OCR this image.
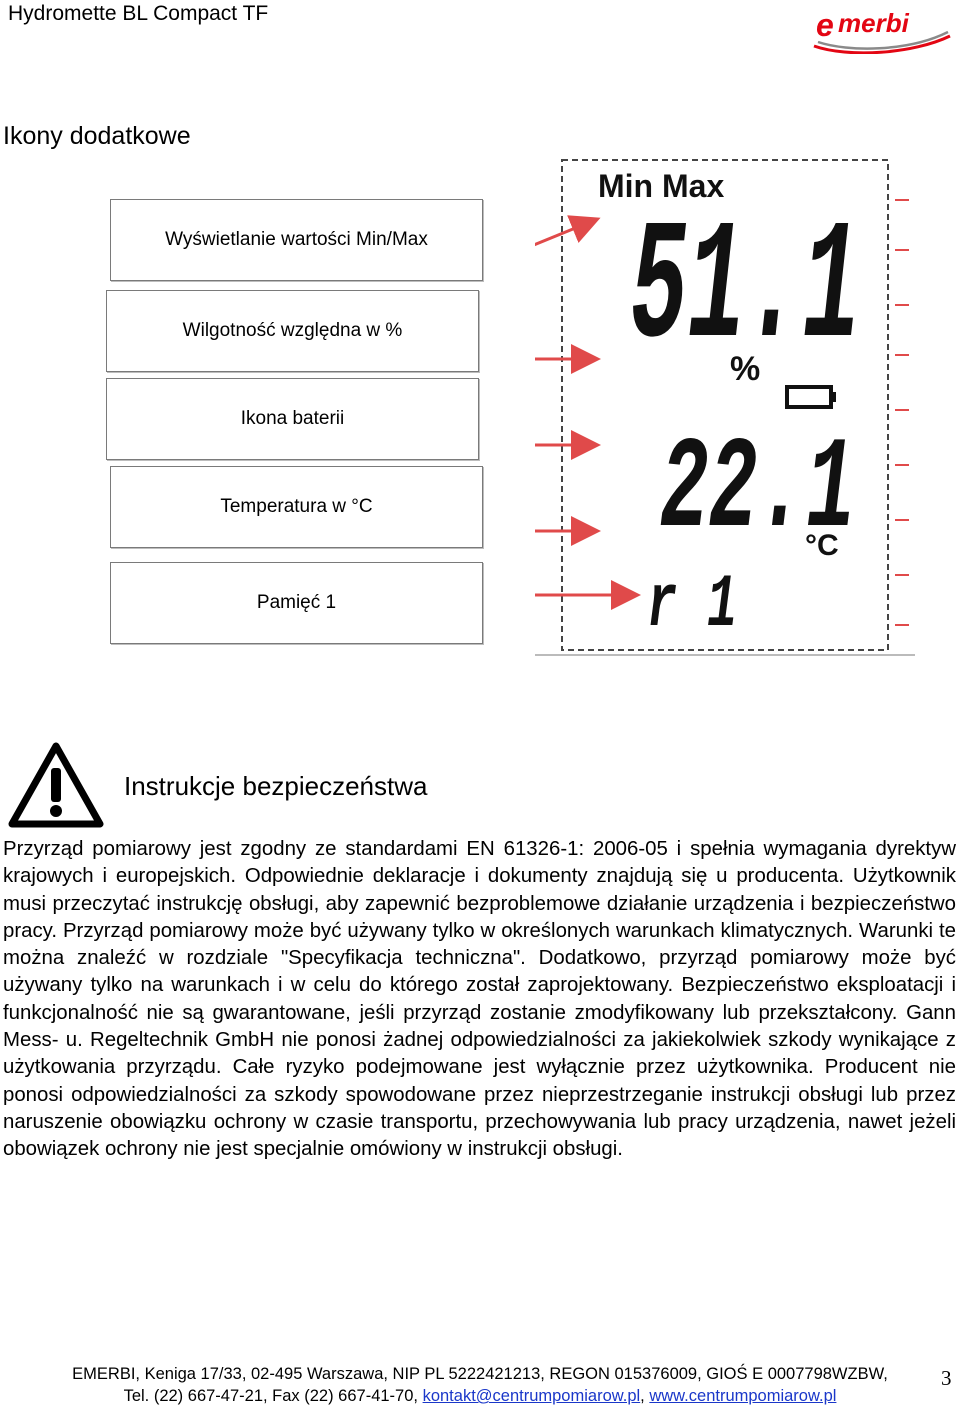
Hydromette BL Compact TF	e merbi
Ikony dodatkowe
Wyświetlanie wartości Min/Max
Wilgotność względna w %
Ikona baterii
Temperatura w °C
Pamięć 1
Min Max
51.1
%
22.1
°C
r 1
Instrukcje bezpieczeństwa
Przyrząd pomiarowy jest zgodny ze standardami EN 61326-1: 2006-05 i spełnia wymagania dyrektyw krajowych i europejskich. Odpowiednie deklaracje i dokumenty znajdują się u producenta. Użytkownik musi przeczytać instrukcję obsługi, aby zapewnić bezproblemowe działanie urządzenia i bezpieczeństwo pracy. Przyrząd pomiarowy może być używany tylko w określonych warunkach klimatycznych. Warunki te można znaleźć w rozdziale "Specyfikacja techniczna". Dodatkowo, przyrząd pomiarowy może być używany tylko na warunkach i w celu do którego został zaprojektowany. Bezpieczeństwo eksploatacji i funkcjonalność nie są gwarantowane, jeśli przyrząd zostanie zmodyfikowany lub przekształcony. Gann Mess- u. Regeltechnik GmbH nie ponosi żadnej odpowiedzialności za jakiekolwiek szkody wynikające z użytkowania przyrządu. Całe ryzyko podejmowane jest wyłącznie przez użytkownika. Producent nie ponosi odpowiedzialności za szkody spowodowane przez nieprzestrzeganie instrukcji obsługi lub przez naruszenie obowiązku ochrony w czasie transportu, przechowywania lub pracy urządzenia, nawet jeżeli obowiązek ochrony nie jest specjalnie omówiony w instrukcji obsługi.
EMERBI, Keniga 17/33, 02-495 Warszawa, NIP PL 5222421213, REGON 015376009, GIOŚ E 0007798WZBW,
Tel. (22) 667-47-21, Fax (22) 667-41-70, kontakt@centrumpomiarow.pl, www.centrumpomiarow.pl
3
